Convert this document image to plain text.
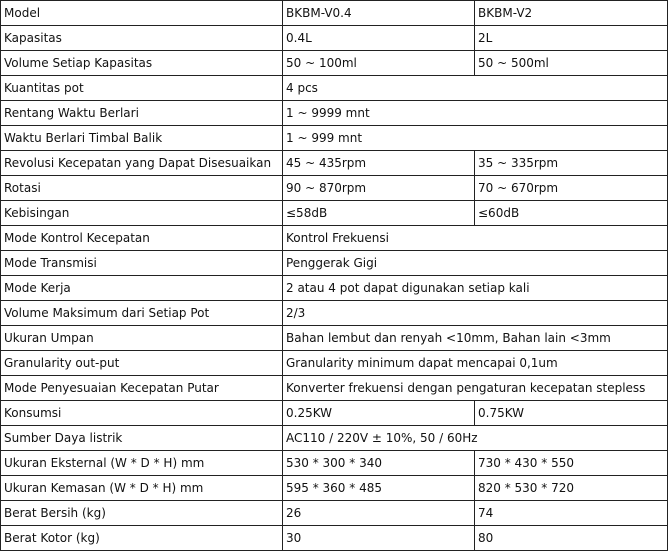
Model	BKBM-V0.4	BKBM-V2
Kapasitas	0.4L	2L
Volume Setiap Kapasitas	50 ~ 100ml	50 ~ 500ml
Kuantitas pot	4 pcs	
Rentang Waktu Berlari	1 ~ 9999 mnt	
Waktu Berlari Timbal Balik	1 ~ 999 mnt	
Revolusi Kecepatan yang Dapat Disesuaikan	45 ~ 435rpm	35 ~ 335rpm
Rotasi	90 ~ 870rpm	70 ~ 670rpm
Kebisingan	≤58dB	≤60dB
Mode Kontrol Kecepatan	Kontrol Frekuensi	
Mode Transmisi	Penggerak Gigi	
Mode Kerja	2 atau 4 pot dapat digunakan setiap kali	
Volume Maksimum dari Setiap Pot	2/3	
Ukuran Umpan	Bahan lembut dan renyah <10mm, Bahan lain <3mm	
Granularity out-put	Granularity minimum dapat mencapai 0,1um	
Mode Penyesuaian Kecepatan Putar	Konverter frekuensi dengan pengaturan kecepatan stepless	
Konsumsi	0.25KW	0.75KW
Sumber Daya listrik	AC110 / 220V ± 10%, 50 / 60Hz	
Ukuran Eksternal (W * D * H) mm	530 * 300 * 340	730 * 430 * 550
Ukuran Kemasan (W * D * H) mm	595 * 360 * 485	820 * 530 * 720
Berat Bersih (kg)	26	74
Berat Kotor (kg)	30	80
